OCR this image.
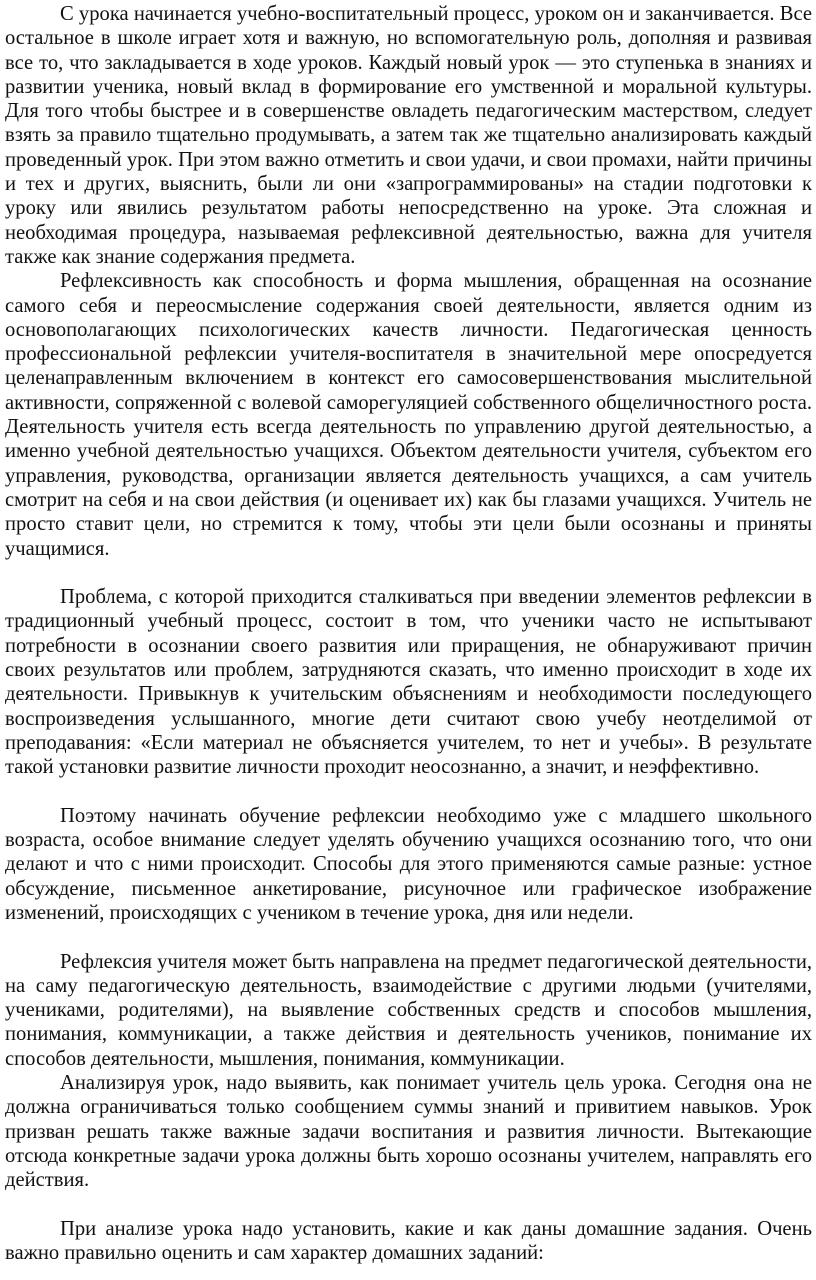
С урока начинается учебно-воспитательный процесс, уроком он и заканчивается. Все остальное в школе играет хотя и важную, но вспомогательную роль, дополняя и развивая все то, что закладывается в ходе уроков. Каждый новый урок — это ступенька в знаниях и развитии ученика, новый вклад в формирование его умственной и моральной культуры. Для того чтобы быстрее и в совершенстве овладеть педагогическим мастерством, следует взять за правило тщательно продумывать, а затем так же тщательно анализировать каждый проведенный урок. При этом важно отметить и свои удачи, и свои промахи, найти причины и тех и других, выяснить, были ли они «запрограммированы» на стадии подготовки к уроку или явились результатом работы непосредственно на уроке. Эта сложная и необходимая процедура, называемая рефлексивной деятельностью, важна для учителя также как знание содержания предмета.

Рефлексивность как способность и форма мышления, обращенная на осознание самого себя и переосмысление содержания своей деятельности, является одним из основополагающих психологических качеств личности. Педагогическая ценность профессиональной рефлексии учителя-воспитателя в значительной мере опосредуется целенаправленным включением в контекст его самосовершенствования мыслительной активности, сопряженной с волевой саморегуляцией собственного общеличностного роста. Деятельность учителя есть всегда деятельность по управлению другой деятельностью, а именно учебной деятельностью учащихся. Объектом деятельности учителя, субъектом его управления, руководства, организации является деятельность учащихся, а сам учитель смотрит на себя и на свои действия (и оценивает их) как бы глазами учащихся. Учитель не просто ставит цели, но стремится к тому, чтобы эти цели были осознаны и приняты учащимися.

Проблема, с которой приходится сталкиваться при введении элементов рефлексии в традиционный учебный процесс, состоит в том, что ученики часто не испытывают потребности в осознании своего развития или приращения, не обнаруживают причин своих результатов или проблем, затрудняются сказать, что именно происходит в ходе их деятельности. Привыкнув к учительским объяснениям и необходимости последующего воспроизведения услышанного, многие дети считают свою учебу неотделимой от преподавания: «Если материал не объясняется учителем, то нет и учебы». В результате такой установки развитие личности проходит неосознанно, а значит, и неэффективно.

Поэтому начинать обучение рефлексии необходимо уже с младшего школьного возраста, особое внимание следует уделять обучению учащихся осознанию того, что они делают и что с ними происходит. Способы для этого применяются самые разные: устное обсуждение, письменное анкетирование, рисуночное или графическое изображение изменений, происходящих с учеником в течение урока, дня или недели.

Рефлексия учителя может быть направлена на предмет педагогической деятельности, на саму педагогическую деятельность, взаимодействие с другими людьми (учителями, учениками, родителями), на выявление собственных средств и способов мышления, понимания, коммуникации, а также действия и деятельность учеников, понимание их способов деятельности, мышления, понимания, коммуникации.

Анализируя урок, надо выявить, как понимает учитель цель урока. Сегодня она не должна ограничиваться только сообщением суммы знаний и привитием навыков. Урок призван решать также важные задачи воспитания и развития личности. Вытекающие отсюда конкретные задачи урока должны быть хорошо осознаны учителем, направлять его действия.

При анализе урока надо установить, какие и как даны домашние задания. Очень важно правильно оценить и сам характер домашних заданий:
